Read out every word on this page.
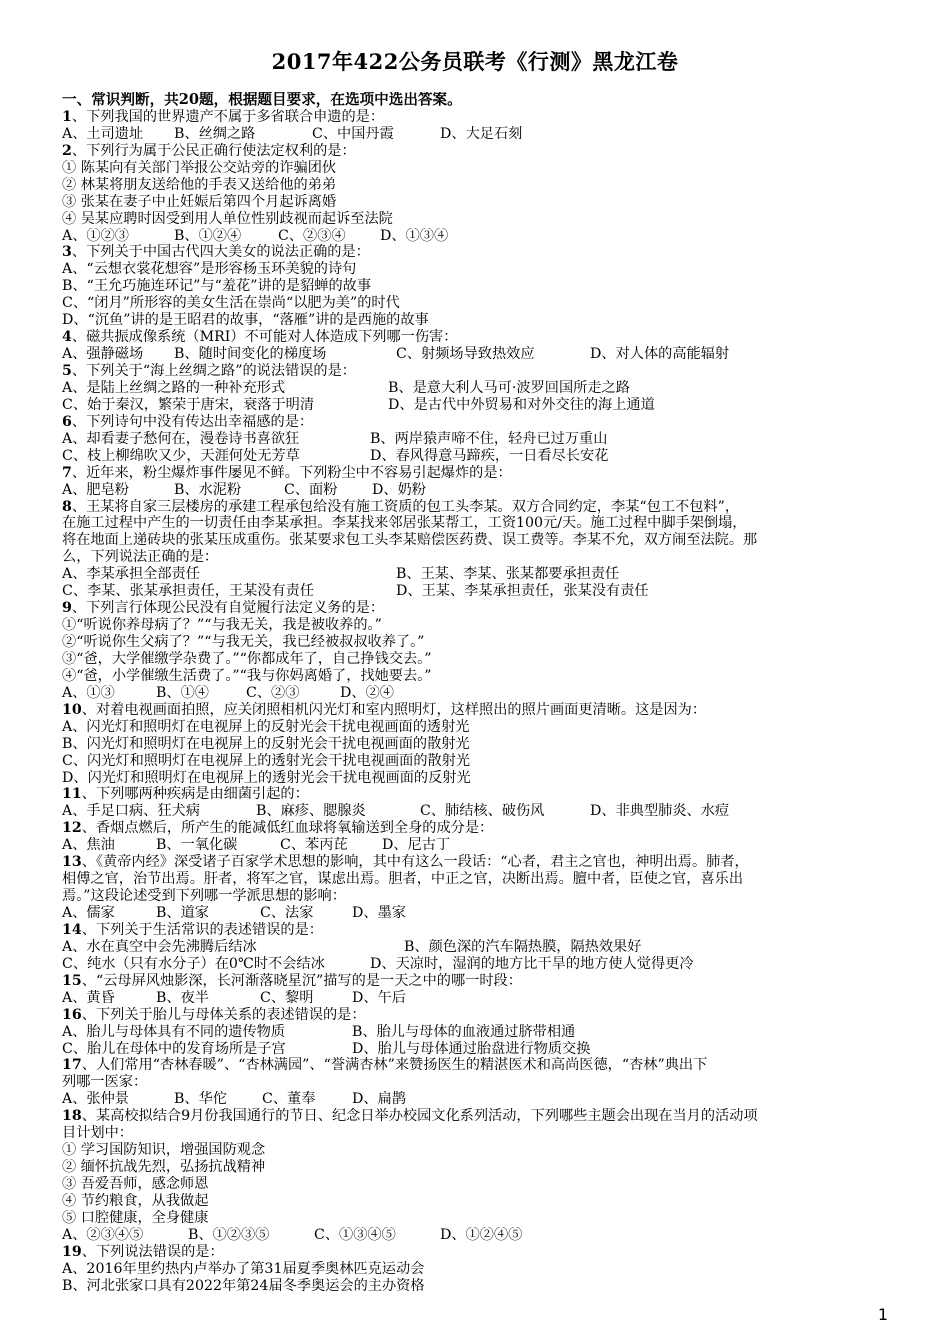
2017年422公务员联考《行测》黑龙江卷
一、常识判断，共20题，根据题目要求，在选项中选出答案。
1、下列我国的世界遗产不属于多省联合申遗的是：
A、土司遗址 B、丝绸之路	C、中国丹霞	D、大足石刻
2、下列行为属于公民正确行使法定权利的是：
① 陈某向有关部门举报公交站旁的诈骗团伙
② 林某将朋友送给他的手表又送给他的弟弟
③ 张某在妻子中止妊娠后第四个月起诉离婚
④ 吴某应聘时因受到用人单位性别歧视而起诉至法院
A、①②③	B、①②④	C、②③④ D、①③④
3、下列关于中国古代四大美女的说法正确的是：
A、“云想衣裳花想容”是形容杨玉环美貌的诗句
B、“王允巧施连环记”与“羞花”讲的是貂蝉的故事
C、“闭月”所形容的美女生活在崇尚“以肥为美”的时代
D、“沉鱼”讲的是王昭君的故事，“落雁”讲的是西施的故事
4、磁共振成像系统（MRI）不可能对人体造成下列哪一伤害：
A、强静磁场 B、随时间变化的梯度场	C、射频场导致热效应	D、对人体的高能辐射
5、下列关于“海上丝绸之路”的说法错误的是：
A、是陆上丝绸之路的一种补充形式	B、是意大利人马可·波罗回国所走之路
C、始于秦汉，繁荣于唐宋，衰落于明清	D、是古代中外贸易和对外交往的海上通道
6、下列诗句中没有传达出幸福感的是：
A、却看妻子愁何在，漫卷诗书喜欲狂	B、两岸猿声啼不住，轻舟已过万重山
C、枝上柳绵吹又少，天涯何处无芳草	D、春风得意马蹄疾，一日看尽长安花
7、近年来，粉尘爆炸事件屡见不鲜。下列粉尘中不容易引起爆炸的是：
A、肥皂粉	B、水泥粉	C、面粉 D、奶粉
8、王某将自家三层楼房的承建工程承包给没有施工资质的包工头李某。双方合同约定，李某“包工不包料”，
在施工过程中产生的一切责任由李某承担。李某找来邻居张某帮工，工资100元/天。施工过程中脚手架倒塌，
将在地面上递砖块的张某压成重伤。张某要求包工头李某赔偿医药费、误工费等。李某不允，双方闹至法院。那
么，下列说法正确的是：
A、李某承担全部责任	B、王某、李某、张某都要承担责任
C、李某、张某承担责任，王某没有责任	D、王某、李某承担责任，张某没有责任
9、下列言行体现公民没有自觉履行法定义务的是：
①“听说你养母病了？”“与我无关，我是被收养的。”
②“听说你生父病了？”“与我无关，我已经被叔叔收养了。”
③“爸，大学催缴学杂费了。”“你都成年了，自己挣钱交去。”
④“爸，小学催缴生活费了。”“我与你妈离婚了，找她要去。”
A、①③	B、①④	C、②③	D、②④
10、对着电视画面拍照，应关闭照相机闪光灯和室内照明灯，这样照出的照片画面更清晰。这是因为：
A、闪光灯和照明灯在电视屏上的反射光会干扰电视画面的透射光
B、闪光灯和照明灯在电视屏上的反射光会干扰电视画面的散射光
C、闪光灯和照明灯在电视屏上的透射光会干扰电视画面的散射光
D、闪光灯和照明灯在电视屏上的透射光会干扰电视画面的反射光
11、下列哪两种疾病是由细菌引起的：
A、手足口病、狂犬病	B、麻疹、腮腺炎	C、肺结核、破伤风	D、非典型肺炎、水痘
12、香烟点燃后，所产生的能减低红血球将氧输送到全身的成分是：
A、焦油	B、一氧化碳	C、苯丙芘 D、尼古丁
13、《黄帝内经》深受诸子百家学术思想的影响，其中有这么一段话：“心者，君主之官也，神明出焉。肺者，
相傅之官，治节出焉。肝者，将军之官，谋虑出焉。胆者，中正之官，决断出焉。膻中者，臣使之官，喜乐出
焉。”这段论述受到下列哪一学派思想的影响：
A、儒家	B、道家	C、法家	D、墨家
14、下列关于生活常识的表述错误的是：
A、水在真空中会先沸腾后结冰	B、颜色深的汽车隔热膜，隔热效果好
C、纯水（只有水分子）在0℃时不会结冰	D、天凉时，湿润的地方比干旱的地方使人觉得更冷
15、“云母屏风烛影深，长河渐落晓星沉”描写的是一天之中的哪一时段：
A、黄昏	B、夜半	C、黎明	D、午后
16、下列关于胎儿与母体关系的表述错误的是：
A、胎儿与母体具有不同的遗传物质	B、胎儿与母体的血液通过脐带相通
C、胎儿在母体中的发育场所是子宫	D、胎儿与母体通过胎盘进行物质交换
17、人们常用“杏林春暖”、“杏林满园”、“誉满杏林”来赞扬医生的精湛医术和高尚医德，“杏林”典出下
列哪一医家：
A、张仲景	B、华佗 C、董奉	D、扁鹊
18、某高校拟结合9月份我国通行的节日、纪念日举办校园文化系列活动，下列哪些主题会出现在当月的活动项
目计划中：
① 学习国防知识，增强国防观念
② 缅怀抗战先烈，弘扬抗战精神
③ 吾爱吾师，感念师恩
④ 节约粮食，从我做起
⑤ 口腔健康，全身健康
A、②③④⑤	B、①②③⑤	C、①③④⑤	D、①②④⑤
19、下列说法错误的是：
A、2016年里约热内卢举办了第31届夏季奥林匹克运动会
B、河北张家口具有2022年第24届冬季奥运会的主办资格
1
